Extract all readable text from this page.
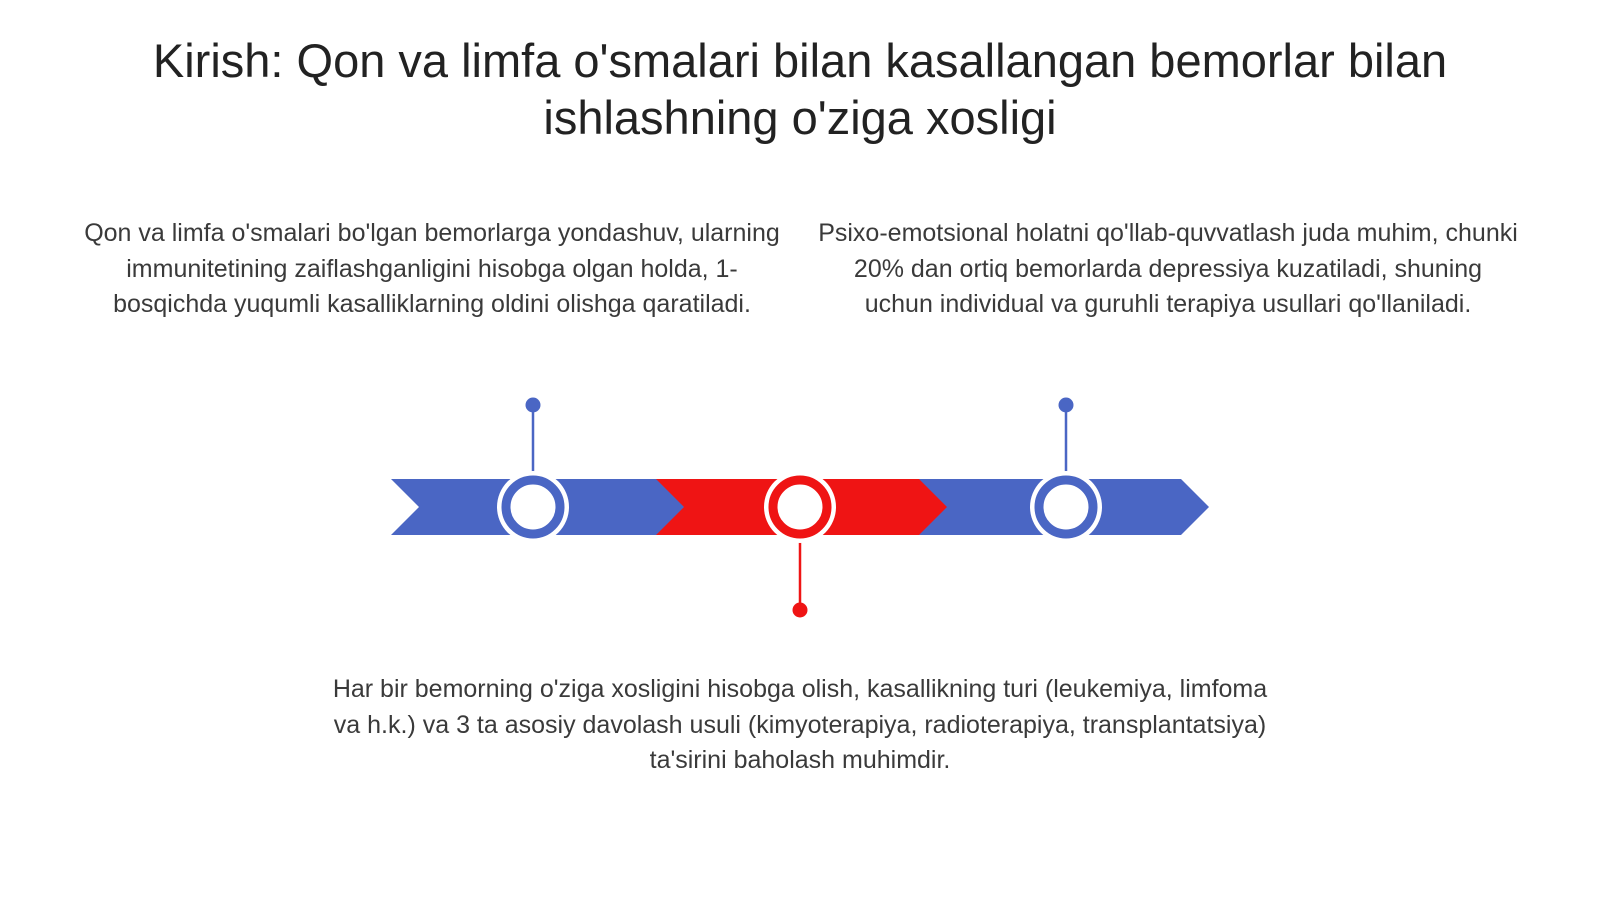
Kirish: Qon va limfa o'smalari bilan kasallangan bemorlar bilan ishlashning o'ziga xosligi

Qon va limfa o'smalari bo'lgan bemorlarga yondashuv, ularning immunitetining zaiflashganligini hisobga olgan holda, 1-bosqichda yuqumli kasalliklarning oldini olishga qaratiladi.

Psixo-emotsional holatni qo'llab-quvvatlash juda muhim, chunki 20% dan ortiq bemorlarda depressiya kuzatiladi, shuning uchun individual va guruhli terapiya usullari qo'llaniladi.

Har bir bemorning o'ziga xosligini hisobga olish, kasallikning turi (leukemiya, limfoma va h.k.) va 3 ta asosiy davolash usuli (kimyoterapiya, radioterapiya, transplantatsiya) ta'sirini baholash muhimdir.
